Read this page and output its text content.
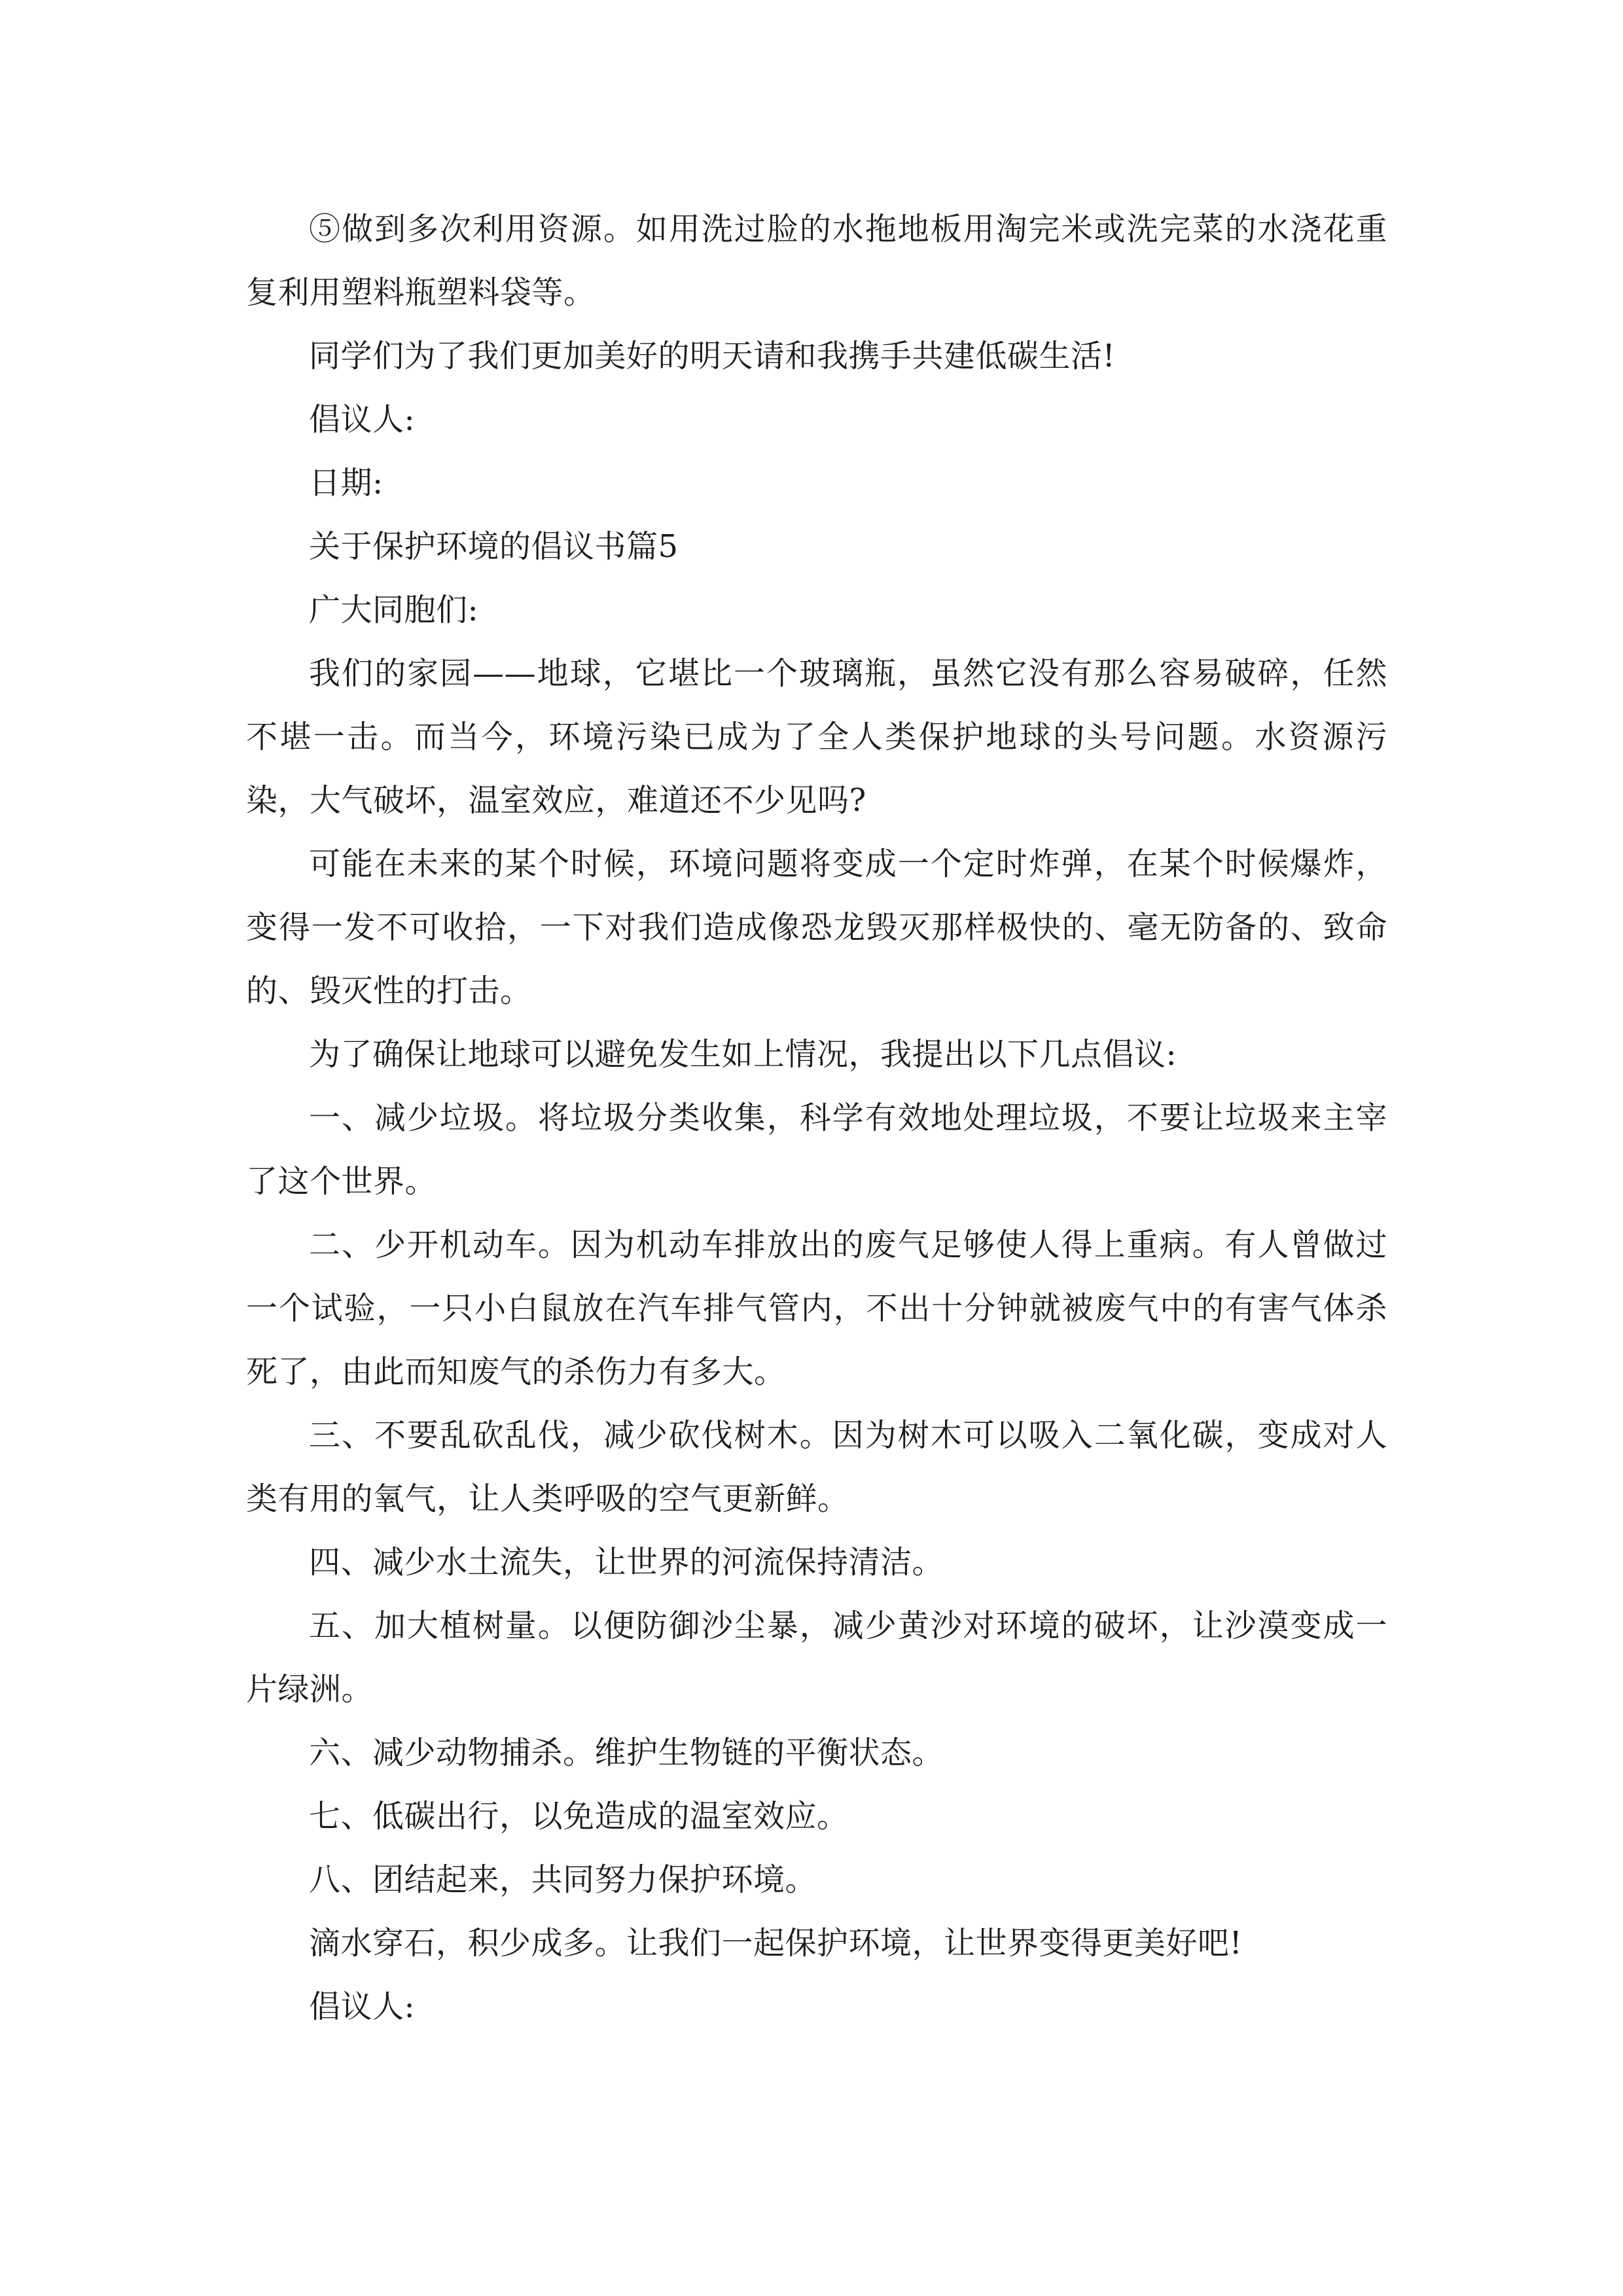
⑤做到多次利用资源。如用洗过脸的水拖地板用淘完米或洗完菜的水浇花重复利用塑料瓶塑料袋等。

同学们为了我们更加美好的明天请和我携手共建低碳生活!

倡议人:

日期:

关于保护环境的倡议书篇5

广大同胞们:

我们的家园——地球，它堪比一个玻璃瓶，虽然它没有那么容易破碎，任然不堪一击。而当今，环境污染已成为了全人类保护地球的头号问题。水资源污染，大气破坏，温室效应，难道还不少见吗?

可能在未来的某个时候，环境问题将变成一个定时炸弹，在某个时候爆炸，变得一发不可收拾，一下对我们造成像恐龙毁灭那样极快的、毫无防备的、致命的、毁灭性的打击。

为了确保让地球可以避免发生如上情况，我提出以下几点倡议:

一、减少垃圾。将垃圾分类收集，科学有效地处理垃圾，不要让垃圾来主宰了这个世界。

二、少开机动车。因为机动车排放出的废气足够使人得上重病。有人曾做过一个试验，一只小白鼠放在汽车排气管内，不出十分钟就被废气中的有害气体杀死了，由此而知废气的杀伤力有多大。

三、不要乱砍乱伐，减少砍伐树木。因为树木可以吸入二氧化碳，变成对人类有用的氧气，让人类呼吸的空气更新鲜。

四、减少水土流失，让世界的河流保持清洁。

五、加大植树量。以便防御沙尘暴，减少黄沙对环境的破坏，让沙漠变成一片绿洲。

六、减少动物捕杀。维护生物链的平衡状态。

七、低碳出行，以免造成的温室效应。

八、团结起来，共同努力保护环境。

滴水穿石，积少成多。让我们一起保护环境，让世界变得更美好吧!

倡议人:
